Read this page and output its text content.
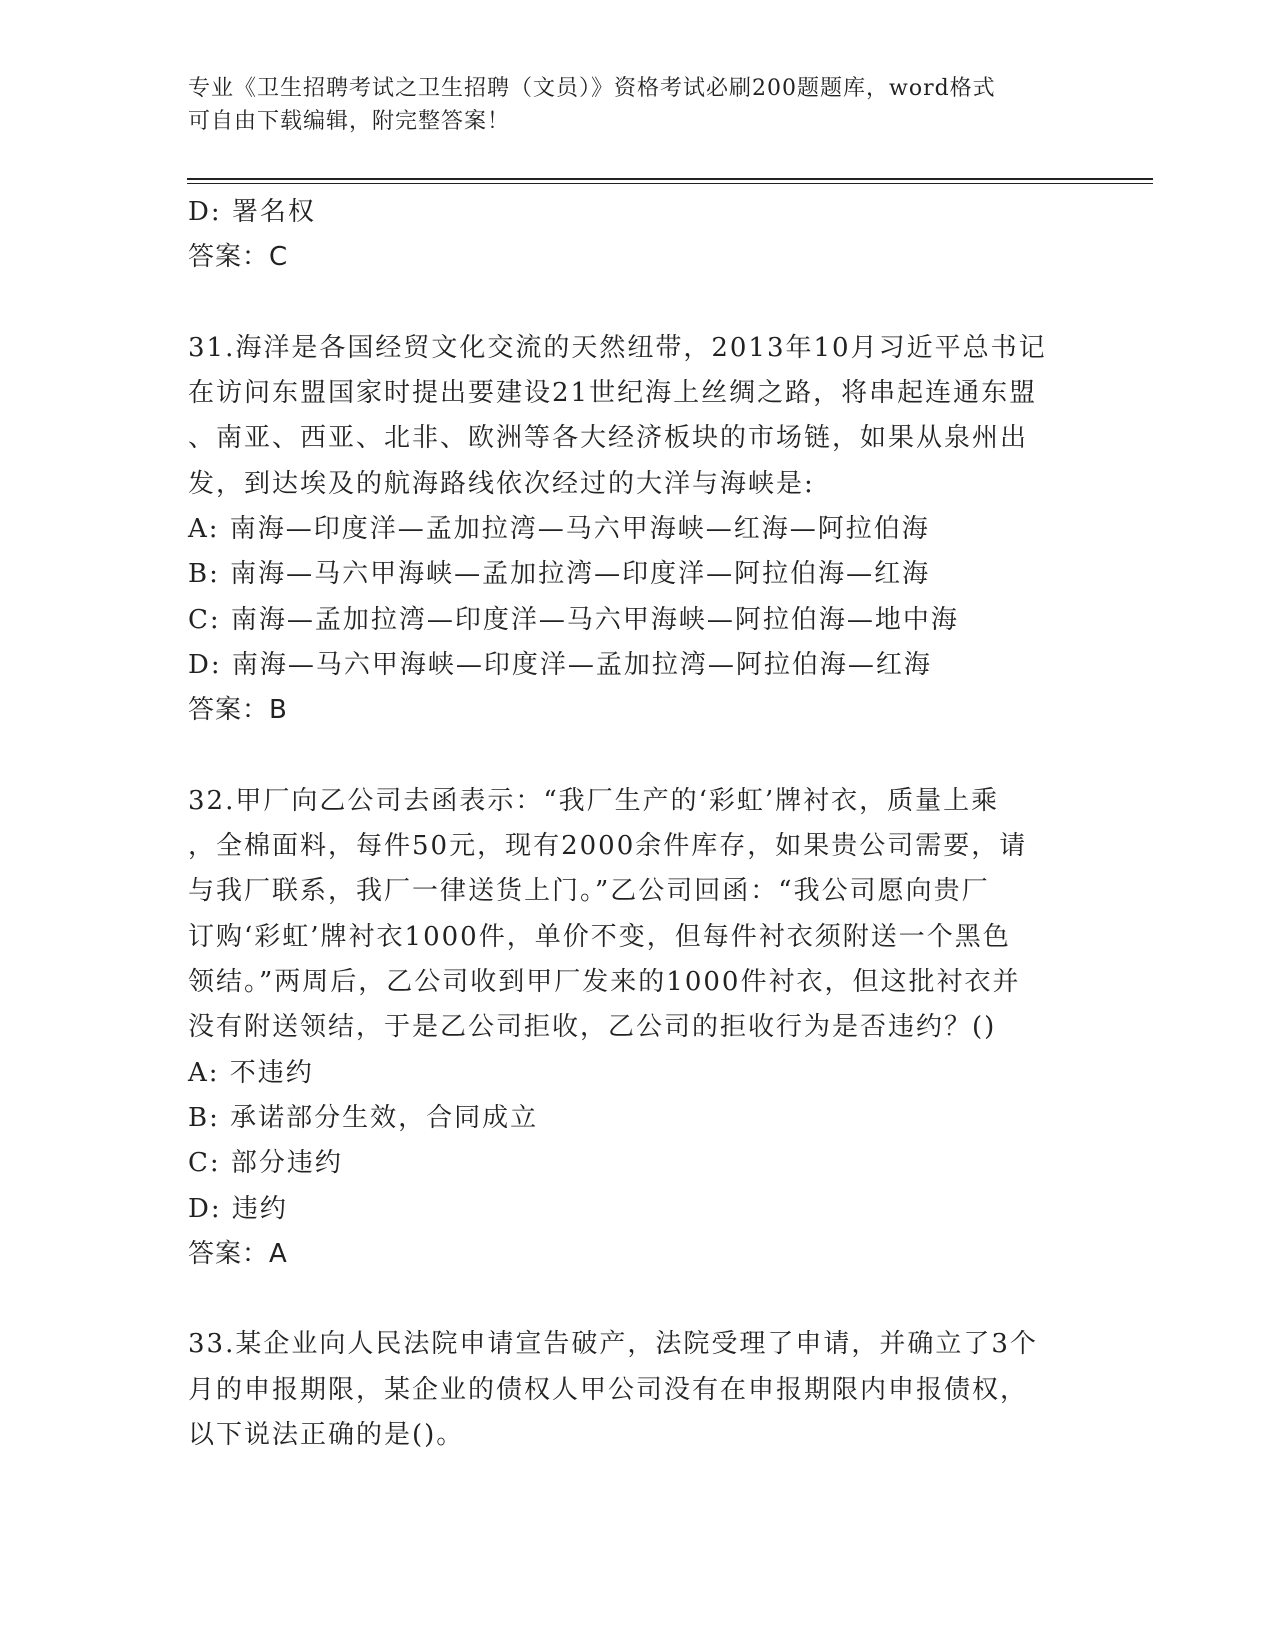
专业《卫生招聘考试之卫生招聘（文员）》资格考试必刷200题题库，word格式
可自由下载编辑，附完整答案！
D: 署名权
答案：C
31.海洋是各国经贸文化交流的天然纽带，2013年10月习近平总书记
在访问东盟国家时提出要建设21世纪海上丝绸之路，将串起连通东盟
、南亚、西亚、北非、欧洲等各大经济板块的市场链，如果从泉州出
发，到达埃及的航海路线依次经过的大洋与海峡是:
A: 南海—印度洋—孟加拉湾—马六甲海峡—红海—阿拉伯海
B: 南海—马六甲海峡—孟加拉湾—印度洋—阿拉伯海—红海
C: 南海—孟加拉湾—印度洋—马六甲海峡—阿拉伯海—地中海
D: 南海—马六甲海峡—印度洋—孟加拉湾—阿拉伯海—红海
答案：B
32.甲厂向乙公司去函表示：“我厂生产的‘彩虹’牌衬衣，质量上乘
，全棉面料，每件50元，现有2000余件库存，如果贵公司需要，请
与我厂联系，我厂一律送货上门。”乙公司回函：“我公司愿向贵厂
订购‘彩虹’牌衬衣1000件，单价不变，但每件衬衣须附送一个黑色
领结。”两周后，乙公司收到甲厂发来的1000件衬衣，但这批衬衣并
没有附送领结，于是乙公司拒收，乙公司的拒收行为是否违约？()
A: 不违约
B: 承诺部分生效，合同成立
C: 部分违约
D: 违约
答案：A
33.某企业向人民法院申请宣告破产，法院受理了申请，并确立了3个
月的申报期限，某企业的债权人甲公司没有在申报期限内申报债权，
以下说法正确的是()。
